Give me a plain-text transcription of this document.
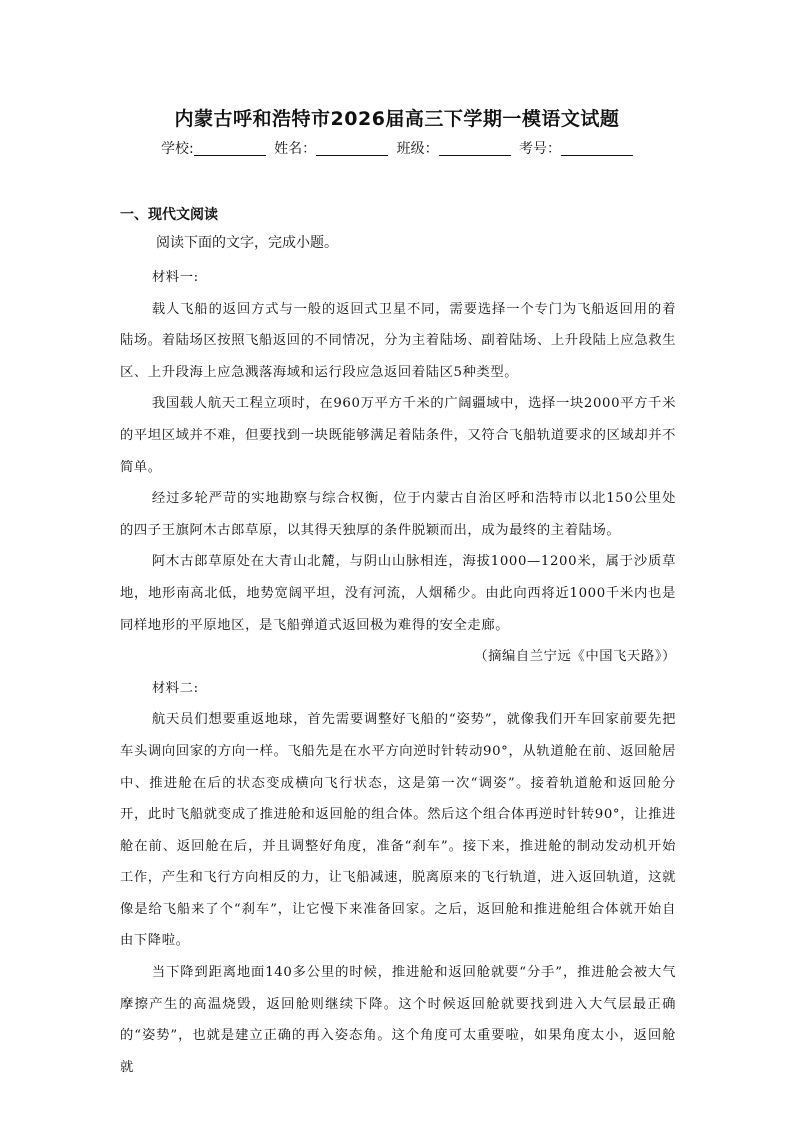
内蒙古呼和浩特市2026届高三下学期一模语文试题
学校:	姓名：	班级：	考号：
一、现代文阅读
阅读下面的文字，完成小题。

材料一:

载人飞船的返回方式与一般的返回式卫星不同，需要选择一个专门为飞船返回用的着陆场。着陆场区按照飞船返回的不同情况，分为主着陆场、副着陆场、上升段陆上应急救生区、上升段海上应急溅落海域和运行段应急返回着陆区5种类型。

我国载人航天工程立项时，在960万平方千米的广阔疆域中，选择一块2000平方千米的平坦区域并不难，但要找到一块既能够满足着陆条件，又符合飞船轨道要求的区域却并不简单。

经过多轮严苛的实地勘察与综合权衡，位于内蒙古自治区呼和浩特市以北150公里处的四子王旗阿木古郎草原，以其得天独厚的条件脱颖而出，成为最终的主着陆场。

阿木古郎草原处在大青山北麓，与阴山山脉相连，海拔1000—1200米，属于沙质草地，地形南高北低，地势宽阔平坦，没有河流，人烟稀少。由此向西将近1000千米内也是同样地形的平原地区，是飞船弹道式返回极为难得的安全走廊。

（摘编自兰宁远《中国飞天路》）

材料二:

航天员们想要重返地球，首先需要调整好飞船的“姿势”，就像我们开车回家前要先把车头调向回家的方向一样。飞船先是在水平方向逆时针转动90°，从轨道舱在前、返回舱居中、推进舱在后的状态变成横向飞行状态，这是第一次“调姿”。接着轨道舱和返回舱分开，此时飞船就变成了推进舱和返回舱的组合体。然后这个组合体再逆时针转90°，让推进舱在前、返回舱在后，并且调整好角度，准备“刹车”。接下来，推进舱的制动发动机开始工作，产生和飞行方向相反的力，让飞船减速，脱离原来的飞行轨道，进入返回轨道，这就像是给飞船来了个“刹车”，让它慢下来准备回家。之后，返回舱和推进舱组合体就开始自由下降啦。

当下降到距离地面140多公里的时候，推进舱和返回舱就要“分手”，推进舱会被大气摩擦产生的高温烧毁，返回舱则继续下降。这个时候返回舱就要找到进入大气层最正确的“姿势”，也就是建立正确的再入姿态角。这个角度可太重要啦，如果角度太小，返回舱就
